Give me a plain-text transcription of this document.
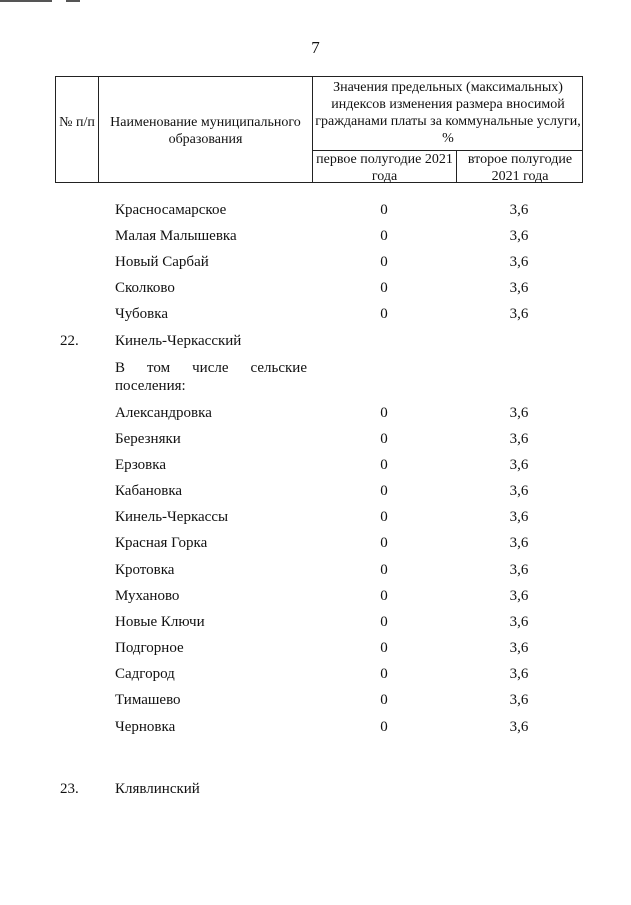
7
№ п/п	Наименование муниципального образования
Значения предельных (максимальных) индексов изменения размера вносимой гражданами платы за коммунальные услуги, %
первое полугодие 2021 года
второе полугодие 2021 года
Красносамарское	0	3,6
Малая Малышевка	0	3,6
Новый Сарбай	0	3,6
Сколково	0	3,6
Чубовка	0	3,6
22. Кинель-Черкасский
В том числе сельские
поселения:
Александровка	0	3,6
Березняки	0	3,6
Ерзовка	0	3,6
Кабановка	0	3,6
Кинель-Черкассы	0	3,6
Красная Горка	0	3,6
Кротовка	0	3,6
Муханово	0	3,6
Новые Ключи	0	3,6
Подгорное	0	3,6
Садгород	0	3,6
Тимашево	0	3,6
Черновка	0	3,6
23. Клявлинский
